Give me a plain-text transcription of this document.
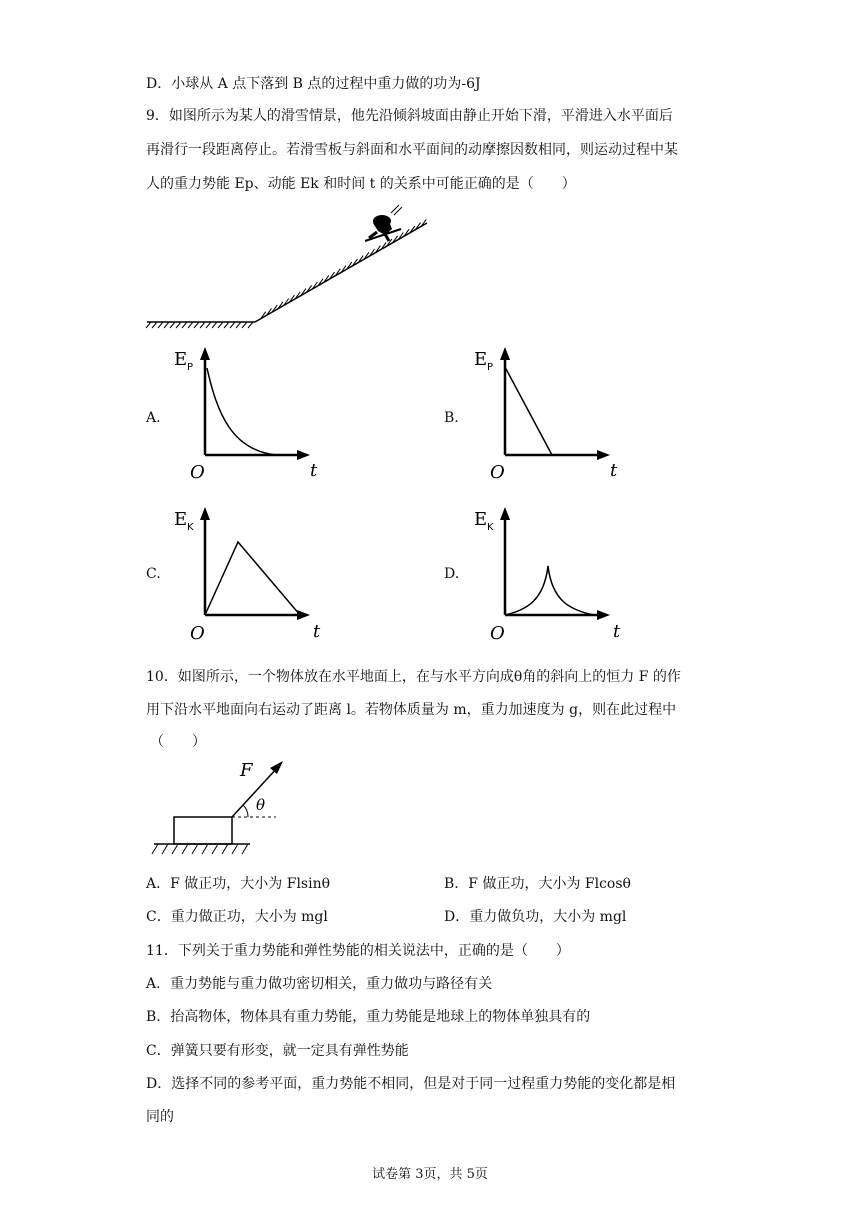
D．小球从 A 点下落到 B 点的过程中重力做的功为-6J
9．如图所示为某人的滑雪情景，他先沿倾斜坡面由静止开始下滑，平滑进入水平面后
再滑行一段距离停止。若滑雪板与斜面和水平面间的动摩擦因数相同，则运动过程中某
人的重力势能 Ep、动能 Ek 和时间 t 的关系中可能正确的是（　　）
A.
E P
O	t
B.
E P
O	t
C.
E K
O	t
D.
E K
O	t
10．如图所示，一个物体放在水平地面上，在与水平方向成θ角的斜向上的恒力 F 的作
用下沿水平地面向右运动了距离 l。若物体质量为 m，重力加速度为 g，则在此过程中
（　　）
F
θ
A．F 做正功，大小为 Flsinθ	B．F 做正功，大小为 Flcosθ
C．重力做正功，大小为 mgl	D．重力做负功，大小为 mgl
11．下列关于重力势能和弹性势能的相关说法中，正确的是（　　）
A．重力势能与重力做功密切相关，重力做功与路径有关
B．抬高物体，物体具有重力势能，重力势能是地球上的物体单独具有的
C．弹簧只要有形变，就一定具有弹性势能
D．选择不同的参考平面，重力势能不相同，但是对于同一过程重力势能的变化都是相
同的
试卷第 3页，共 5页
